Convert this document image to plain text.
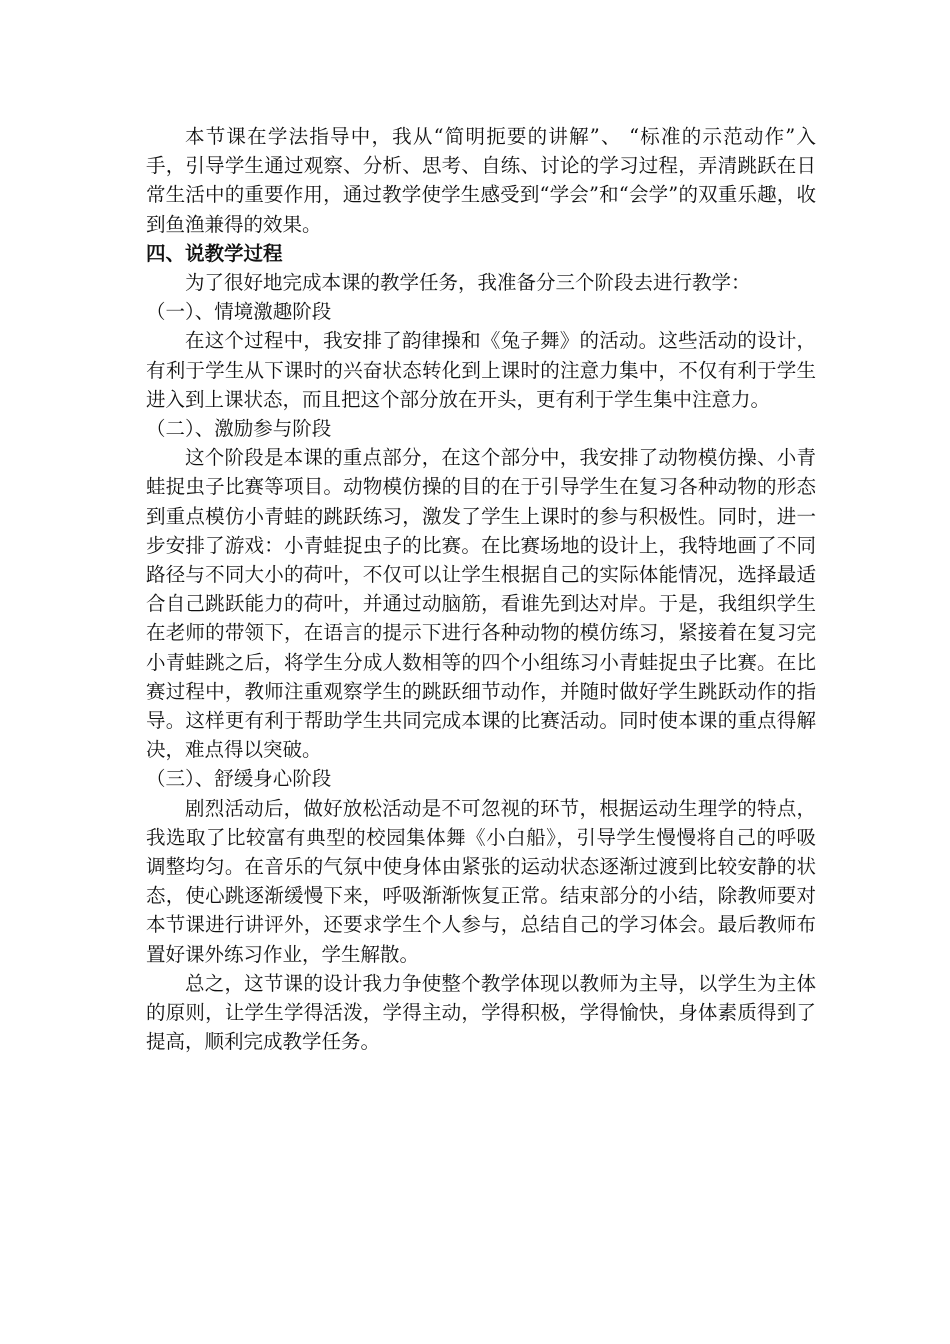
本节课在学法指导中，我从“简明扼要的讲解”、 “标准的示范动作”入手，引导学生通过观察、分析、思考、自练、讨论的学习过程，弄清跳跃在日常生活中的重要作用，通过教学使学生感受到“学会”和“会学”的双重乐趣，收到鱼渔兼得的效果。

四、说教学过程

为了很好地完成本课的教学任务，我准备分三个阶段去进行教学：

（一）、情境激趣阶段

在这个过程中，我安排了韵律操和《兔子舞》的活动。这些活动的设计，有利于学生从下课时的兴奋状态转化到上课时的注意力集中，不仅有利于学生进入到上课状态，而且把这个部分放在开头，更有利于学生集中注意力。

（二）、激励参与阶段

这个阶段是本课的重点部分，在这个部分中，我安排了动物模仿操、小青蛙捉虫子比赛等项目。动物模仿操的目的在于引导学生在复习各种动物的形态到重点模仿小青蛙的跳跃练习，激发了学生上课时的参与积极性。同时，进一步安排了游戏：小青蛙捉虫子的比赛。在比赛场地的设计上，我特地画了不同路径与不同大小的荷叶，不仅可以让学生根据自己的实际体能情况，选择最适合自己跳跃能力的荷叶，并通过动脑筋，看谁先到达对岸。于是，我组织学生在老师的带领下，在语言的提示下进行各种动物的模仿练习，紧接着在复习完小青蛙跳之后，将学生分成人数相等的四个小组练习小青蛙捉虫子比赛。在比赛过程中，教师注重观察学生的跳跃细节动作，并随时做好学生跳跃动作的指导。这样更有利于帮助学生共同完成本课的比赛活动。同时使本课的重点得解决，难点得以突破。

（三）、舒缓身心阶段

剧烈活动后，做好放松活动是不可忽视的环节，根据运动生理学的特点，我选取了比较富有典型的校园集体舞《小白船》，引导学生慢慢将自己的呼吸调整均匀。在音乐的气氛中使身体由紧张的运动状态逐渐过渡到比较安静的状态，使心跳逐渐缓慢下来，呼吸渐渐恢复正常。结束部分的小结，除教师要对本节课进行讲评外，还要求学生个人参与，总结自己的学习体会。最后教师布置好课外练习作业，学生解散。

总之，这节课的设计我力争使整个教学体现以教师为主导，以学生为主体的原则，让学生学得活泼，学得主动，学得积极，学得愉快，身体素质得到了提高，顺利完成教学任务。
